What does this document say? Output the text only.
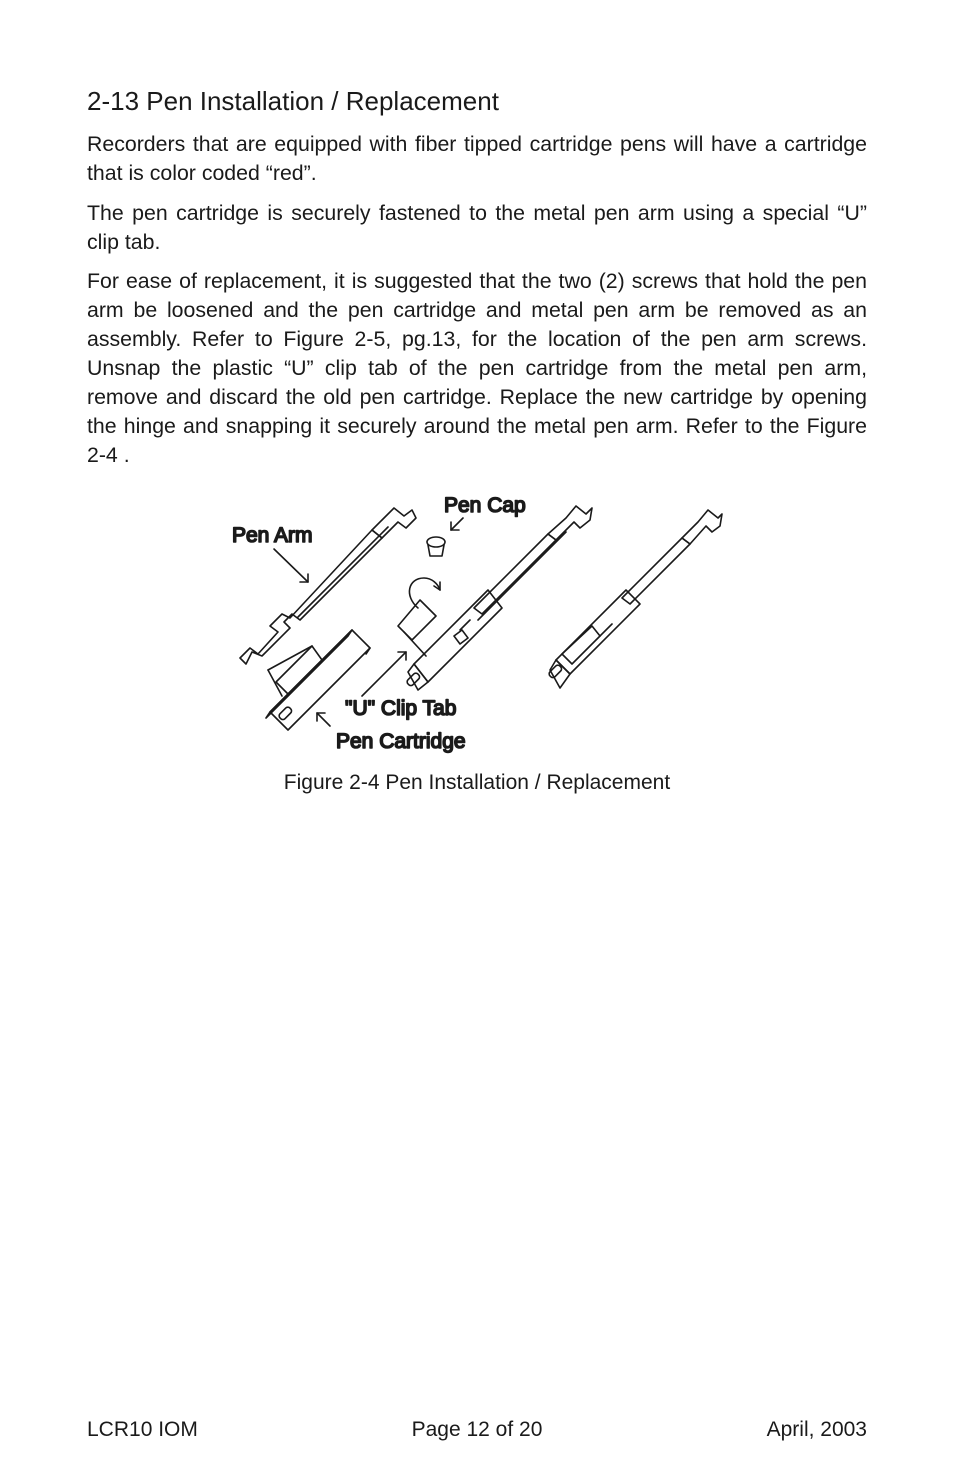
2-13 Pen Installation / Replacement

Recorders that are equipped with fiber tipped cartridge pens will have a cartridge that is color coded “red”.

The pen cartridge is securely fastened to the metal pen arm using a special “U” clip tab.

For ease of replacement, it is suggested that the two (2) screws that hold the pen arm be loosened and the pen cartridge and metal pen arm be removed as an assembly. Refer to Figure 2-5, pg.13, for the location of the pen arm screws. Unsnap the plastic “U” clip tab of the pen cartridge from the metal pen arm, remove and discard the old pen cartridge. Replace the new cartridge by opening the hinge and snapping it securely around the metal pen arm. Refer to the Figure 2-4 .

Pen Arm
Pen Cap
"U" Clip Tab
Pen Cartridge
Figure 2-4 Pen Installation / Replacement
LCR10 IOM	Page 12 of 20	April, 2003
